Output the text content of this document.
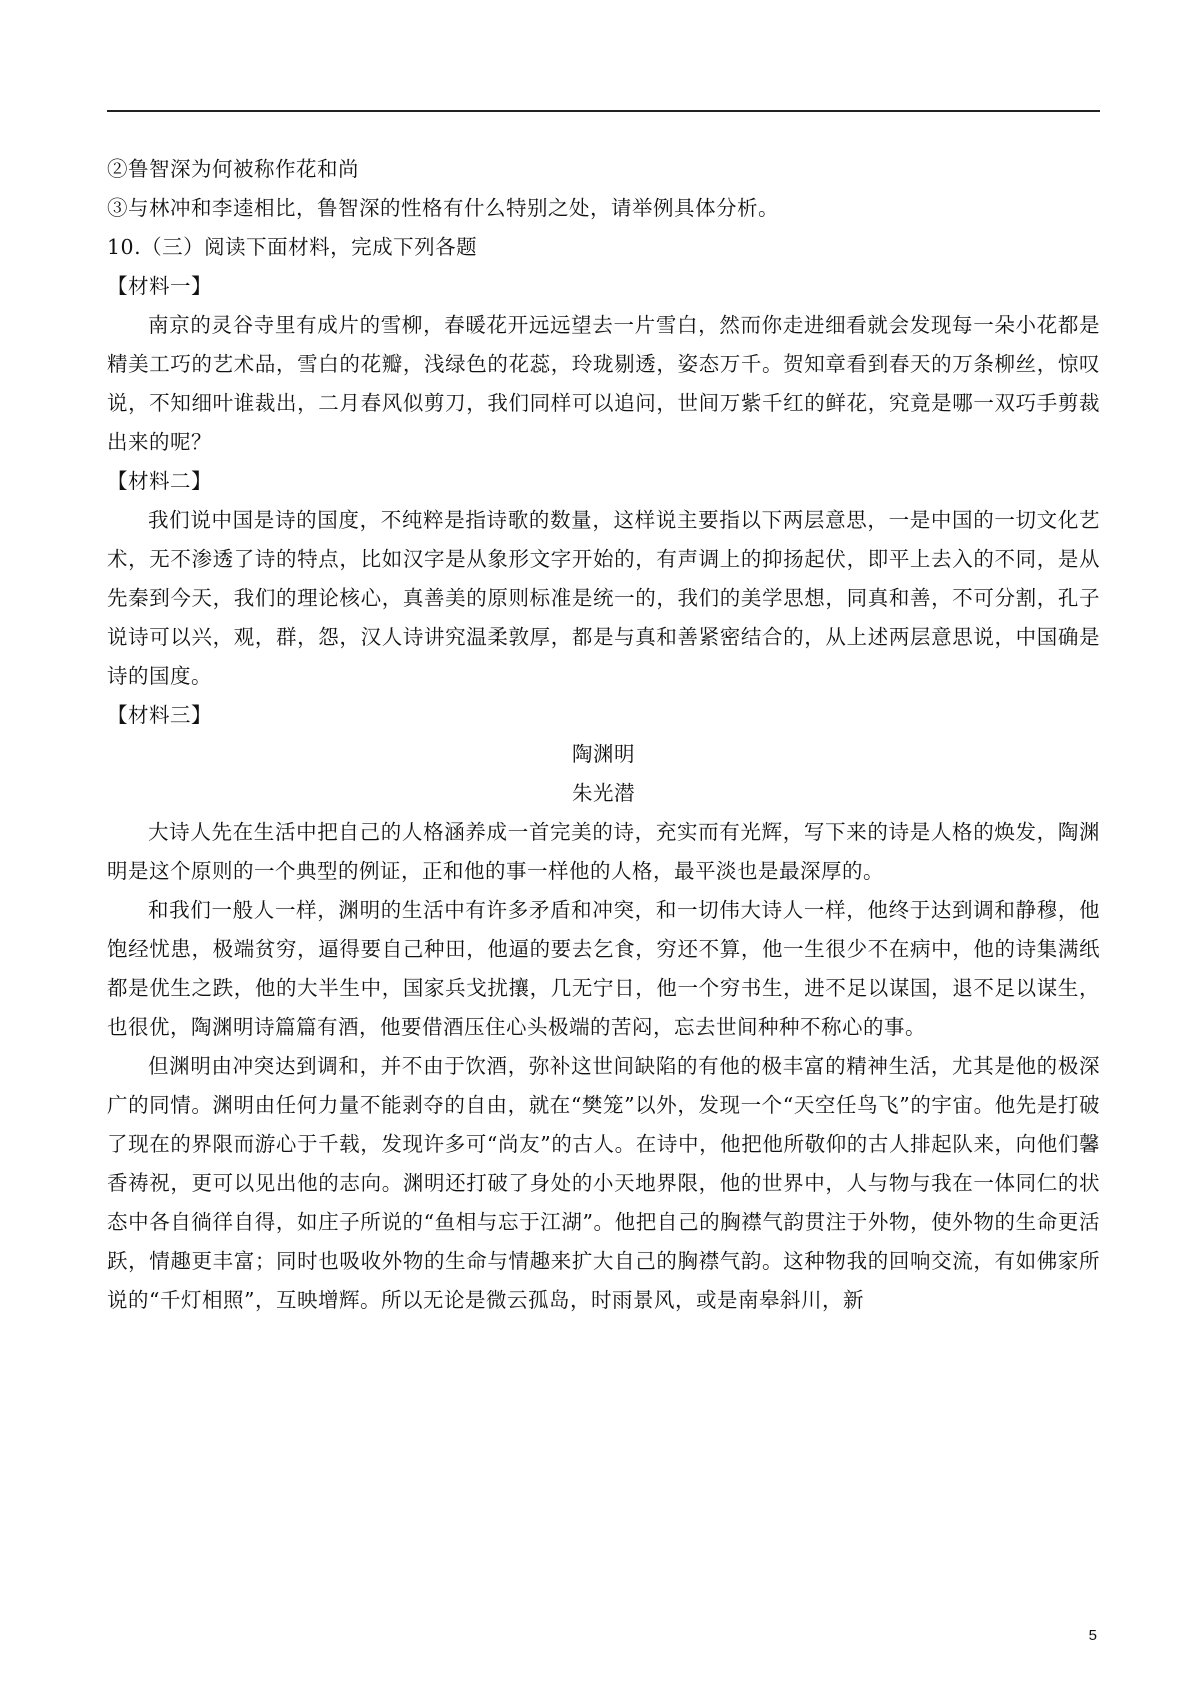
②鲁智深为何被称作花和尚
③与林冲和李逵相比，鲁智深的性格有什么特别之处，请举例具体分析。
10.（三）阅读下面材料，完成下列各题
【材料一】

南京的灵谷寺里有成片的雪柳，春暖花开远远望去一片雪白，然而你走进细看就会发现每一朵小花都是精美工巧的艺术品，雪白的花瓣，浅绿色的花蕊，玲珑剔透，姿态万千。贺知章看到春天的万条柳丝，惊叹说，不知细叶谁裁出，二月春风似剪刀，我们同样可以追问，世间万紫千红的鲜花，究竟是哪一双巧手剪裁出来的呢？

【材料二】

我们说中国是诗的国度，不纯粹是指诗歌的数量，这样说主要指以下两层意思，一是中国的一切文化艺术，无不渗透了诗的特点，比如汉字是从象形文字开始的，有声调上的抑扬起伏，即平上去入的不同，是从先秦到今天，我们的理论核心，真善美的原则标准是统一的，我们的美学思想，同真和善，不可分割，孔子说诗可以兴，观，群，怨，汉人诗讲究温柔敦厚，都是与真和善紧密结合的，从上述两层意思说，中国确是诗的国度。

【材料三】
陶渊明
朱光潜

大诗人先在生活中把自己的人格涵养成一首完美的诗，充实而有光辉，写下来的诗是人格的焕发，陶渊明是这个原则的一个典型的例证，正和他的事一样他的人格，最平淡也是最深厚的。

和我们一般人一样，渊明的生活中有许多矛盾和冲突，和一切伟大诗人一样，他终于达到调和静穆，他饱经忧患，极端贫穷，逼得要自己种田，他逼的要去乞食，穷还不算，他一生很少不在病中，他的诗集满纸都是优生之跌，他的大半生中，国家兵戈扰攘，几无宁日，他一个穷书生，进不足以谋国，退不足以谋生，也很优，陶渊明诗篇篇有酒，他要借酒压住心头极端的苦闷，忘去世间种种不称心的事。

但渊明由冲突达到调和，并不由于饮酒，弥补这世间缺陷的有他的极丰富的精神生活，尤其是他的极深广的同情。渊明由任何力量不能剥夺的自由，就在“樊笼”以外，发现一个“天空任鸟飞”的宇宙。他先是打破了现在的界限而游心于千载，发现许多可“尚友”的古人。在诗中，他把他所敬仰的古人排起队来，向他们馨香祷祝，更可以见出他的志向。渊明还打破了身处的小天地界限，他的世界中，人与物与我在一体同仁的状态中各自徜徉自得，如庄子所说的“鱼相与忘于江湖”。他把自己的胸襟气韵贯注于外物，使外物的生命更活跃，情趣更丰富；同时也吸收外物的生命与情趣来扩大自己的胸襟气韵。这种物我的回响交流，有如佛家所说的“千灯相照”，互映增辉。所以无论是微云孤岛，时雨景风，或是南皋斜川，新

5
